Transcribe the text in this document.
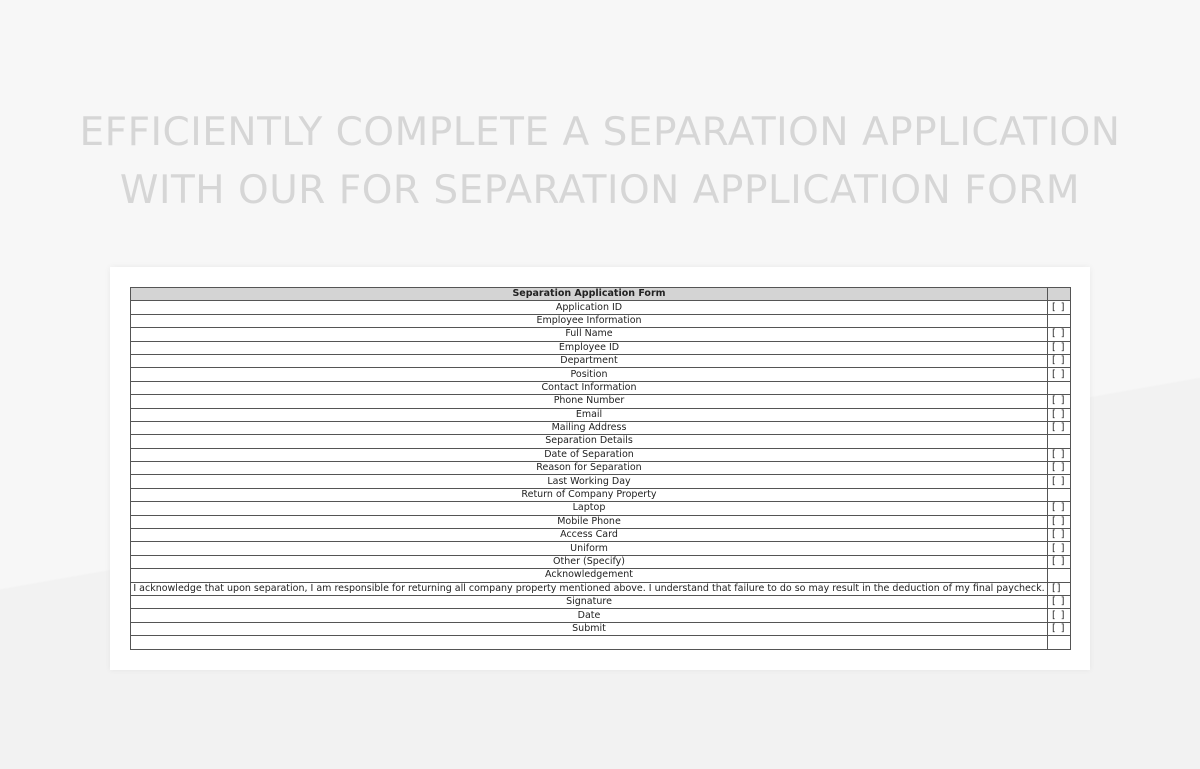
EFFICIENTLY COMPLETE A SEPARATION APPLICATION
WITH OUR FOR SEPARATION APPLICATION FORM
Separation Application Form	
Application ID	[ ]
Employee Information	
Full Name	[ ]
Employee ID	[ ]
Department	[ ]
Position	[ ]
Contact Information	
Phone Number	[ ]
Email	[ ]
Mailing Address	[ ]
Separation Details	
Date of Separation	[ ]
Reason for Separation	[ ]
Last Working Day	[ ]
Return of Company Property	
Laptop	[ ]
Mobile Phone	[ ]
Access Card	[ ]
Uniform	[ ]
Other (Specify)	[ ]
Acknowledgement	
I acknowledge that upon separation, I am responsible for returning all company property mentioned above. I understand that failure to do so may result in the deduction of my final paycheck.	[]
Signature	[ ]
Date	[ ]
Submit	[ ]
